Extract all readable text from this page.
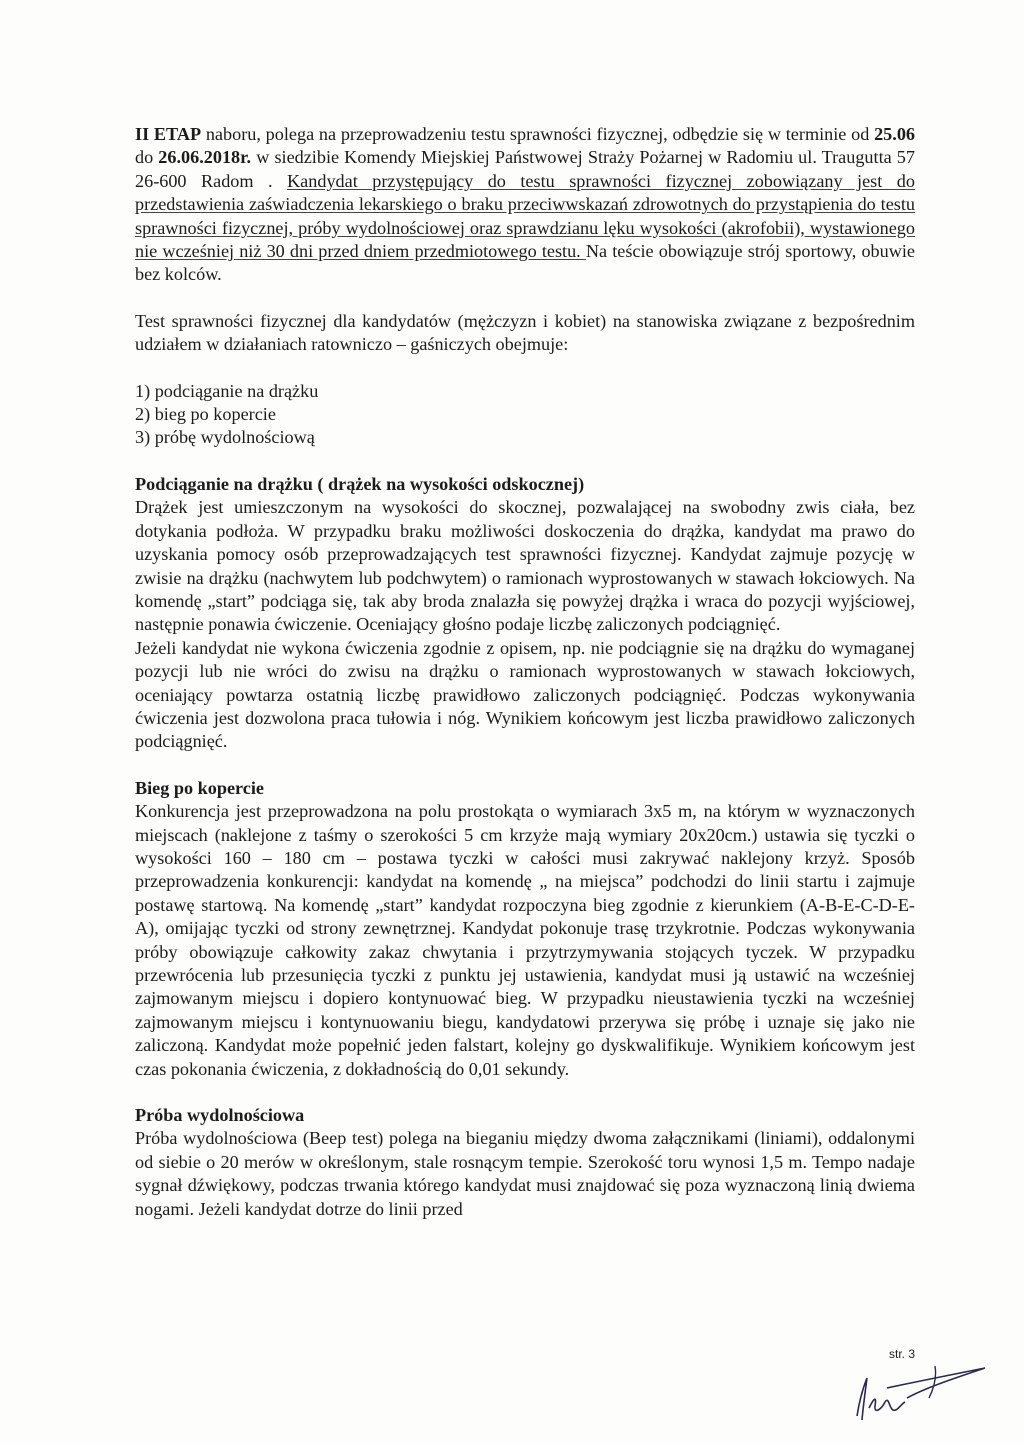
II ETAP naboru, polega na przeprowadzeniu testu sprawności fizycznej, odbędzie się w terminie od 25.06 do 26.06.2018r. w siedzibie Komendy Miejskiej Państwowej Straży Pożarnej w Radomiu ul. Traugutta 57 26-600 Radom . Kandydat przystępujący do testu sprawności fizycznej zobowiązany jest do przedstawienia zaświadczenia lekarskiego o braku przeciwwskazań zdrowotnych do przystąpienia do testu sprawności fizycznej, próby wydolnościowej oraz sprawdzianu lęku wysokości (akrofobii), wystawionego nie wcześniej niż 30 dni przed dniem przedmiotowego testu. Na teście obowiązuje strój sportowy, obuwie bez kolców.

Test sprawności fizycznej dla kandydatów (mężczyzn i kobiet) na stanowiska związane z bezpośrednim udziałem w działaniach ratowniczo – gaśniczych obejmuje:

1) podciąganie na drążku
2) bieg po kopercie
3) próbę wydolnościową
Podciąganie na drążku ( drążek na wysokości odskocznej)

Drążek jest umieszczonym na wysokości do skocznej, pozwalającej na swobodny zwis ciała, bez dotykania podłoża. W przypadku braku możliwości doskoczenia do drążka, kandydat ma prawo do uzyskania pomocy osób przeprowadzających test sprawności fizycznej. Kandydat zajmuje pozycję w zwisie na drążku (nachwytem lub podchwytem) o ramionach wyprostowanych w stawach łokciowych. Na komendę „start” podciąga się, tak aby broda znalazła się powyżej drążka i wraca do pozycji wyjściowej, następnie ponawia ćwiczenie. Oceniający głośno podaje liczbę zaliczonych podciągnięć.

Jeżeli kandydat nie wykona ćwiczenia zgodnie z opisem, np. nie podciągnie się na drążku do wymaganej pozycji lub nie wróci do zwisu na drążku o ramionach wyprostowanych w stawach łokciowych, oceniający powtarza ostatnią liczbę prawidłowo zaliczonych podciągnięć. Podczas wykonywania ćwiczenia jest dozwolona praca tułowia i nóg. Wynikiem końcowym jest liczba prawidłowo zaliczonych podciągnięć.

Bieg po kopercie

Konkurencja jest przeprowadzona na polu prostokąta o wymiarach 3x5 m, na którym w wyznaczonych miejscach (naklejone z taśmy o szerokości 5 cm krzyże mają wymiary 20x20cm.) ustawia się tyczki o wysokości 160 – 180 cm – postawa tyczki w całości musi zakrywać naklejony krzyż. Sposób przeprowadzenia konkurencji: kandydat na komendę „ na miejsca” podchodzi do linii startu i zajmuje postawę startową. Na komendę „start” kandydat rozpoczyna bieg zgodnie z kierunkiem (A-B-E-C-D-E-A), omijając tyczki od strony zewnętrznej. Kandydat pokonuje trasę trzykrotnie. Podczas wykonywania próby obowiązuje całkowity zakaz chwytania i przytrzymywania stojących tyczek. W przypadku przewrócenia lub przesunięcia tyczki z punktu jej ustawienia, kandydat musi ją ustawić na wcześniej zajmowanym miejscu i dopiero kontynuować bieg. W przypadku nieustawienia tyczki na wcześniej zajmowanym miejscu i kontynuowaniu biegu, kandydatowi przerywa się próbę i uznaje się jako nie zaliczoną. Kandydat może popełnić jeden falstart, kolejny go dyskwalifikuje. Wynikiem końcowym jest czas pokonania ćwiczenia, z dokładnością do 0,01 sekundy.

Próba wydolnościowa

Próba wydolnościowa (Beep test) polega na bieganiu między dwoma załącznikami (liniami), oddalonymi od siebie o 20 merów w określonym, stale rosnącym tempie. Szerokość toru wynosi 1,5 m. Tempo nadaje sygnał dźwiękowy, podczas trwania którego kandydat musi znajdować się poza wyznaczoną linią dwiema nogami. Jeżeli kandydat dotrze do linii przed

str. 3
